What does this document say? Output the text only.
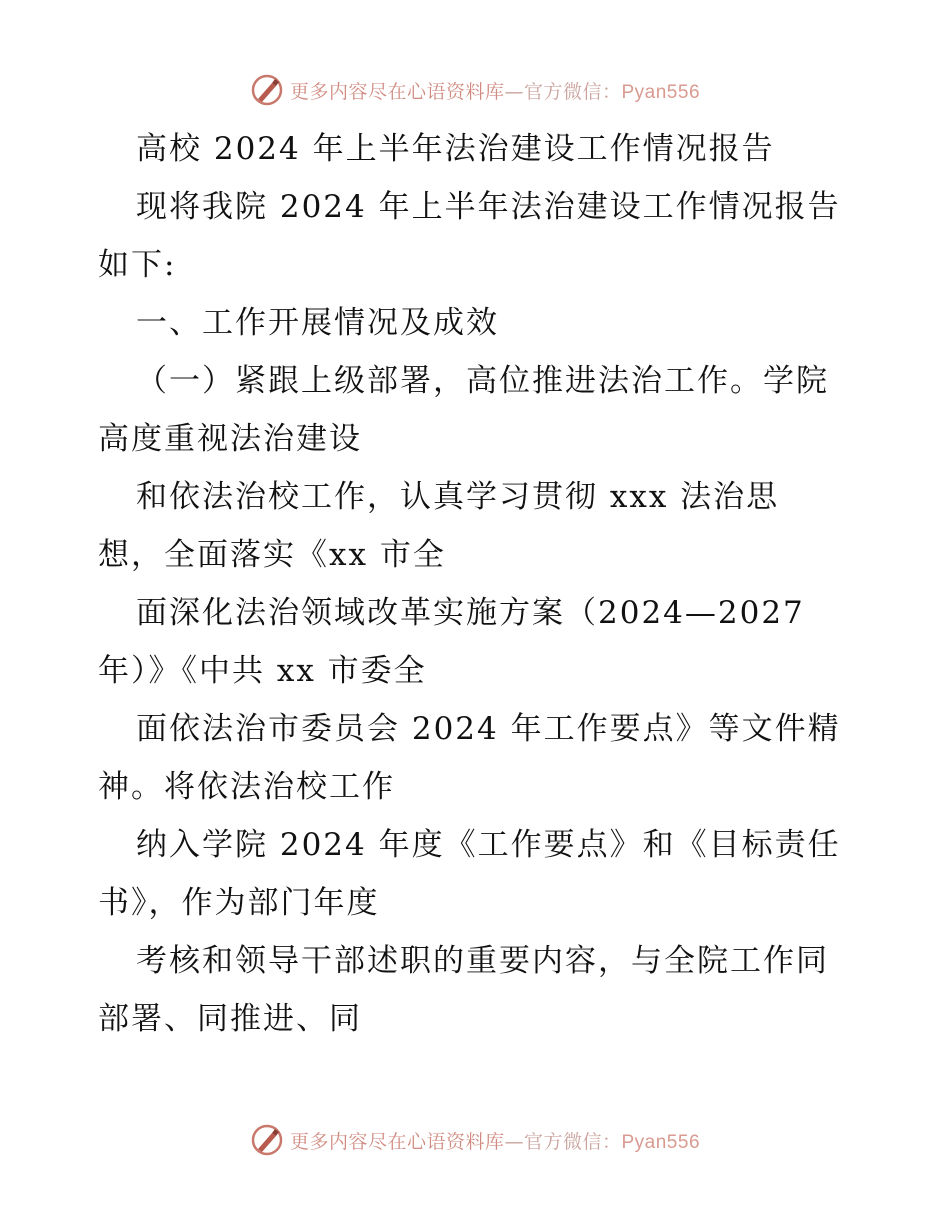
更多内容尽在心语资料库—官方微信：Pyan556
高校 2024 年上半年法治建设工作情况报告
现将我院 2024 年上半年法治建设工作情况报告
如下:
一、工作开展情况及成效
（一）紧跟上级部署，高位推进法治工作。学院
高度重视法治建设
和依法治校工作，认真学习贯彻 xxx 法治思
想，全面落实《xx 市全
面深化法治领域改革实施方案（2024—2027
年）》《中共 xx 市委全
面依法治市委员会 2024 年工作要点》等文件精
神。将依法治校工作
纳入学院 2024 年度《工作要点》和《目标责任
书》，作为部门年度
考核和领导干部述职的重要内容，与全院工作同
部署、同推进、同
更多内容尽在心语资料库—官方微信：Pyan556
